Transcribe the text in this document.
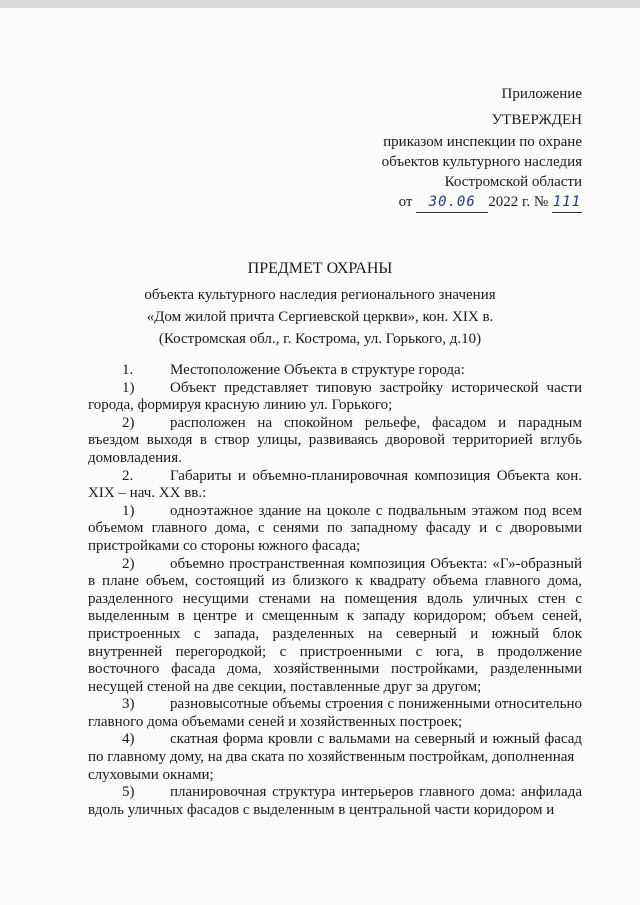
Приложение
УТВЕРЖДЕН
приказом инспекции по охране
объектов культурного наследия
Костромской области
от 30.06 2022 г. № 111
ПРЕДМЕТ ОХРАНЫ
объекта культурного наследия регионального значения
«Дом жилой причта Сергиевской церкви», кон. XIX в.
(Костромская обл., г. Кострома, ул. Горького, д.10)
1. Местоположение Объекта в структуре города:
1) Объект представляет типовую застройку исторической части города, формируя красную линию ул. Горького;
2) расположен на спокойном рельефе, фасадом и парадным въездом выходя в створ улицы, развиваясь дворовой территорией вглубь домовладения.
2. Габариты и объемно-планировочная композиция Объекта кон. XIX – нач. XX вв.:
1) одноэтажное здание на цоколе с подвальным этажом под всем объемом главного дома, с сенями по западному фасаду и с дворовыми пристройками со стороны южного фасада;
2) объемно пространственная композиция Объекта: «Г»-образный в плане объем, состоящий из близкого к квадрату объема главного дома, разделенного несущими стенами на помещения вдоль уличных стен с выделенным в центре и смещенным к западу коридором; объем сеней, пристроенных с запада, разделенных на северный и южный блок внутренней перегородкой; с пристроенными с юга, в продолжение восточного фасада дома, хозяйственными постройками, разделенными несущей стеной на две секции, поставленные друг за другом;
3) разновысотные объемы строения с пониженными относительно главного дома объемами сеней и хозяйственных построек;
4) скатная форма кровли с вальмами на северный и южный фасад по главному дому, на два ската по хозяйственным постройкам, дополненная
слуховыми окнами;
5) планировочная структура интерьеров главного дома: анфилада вдоль уличных фасадов с выделенным в центральной части коридором и
